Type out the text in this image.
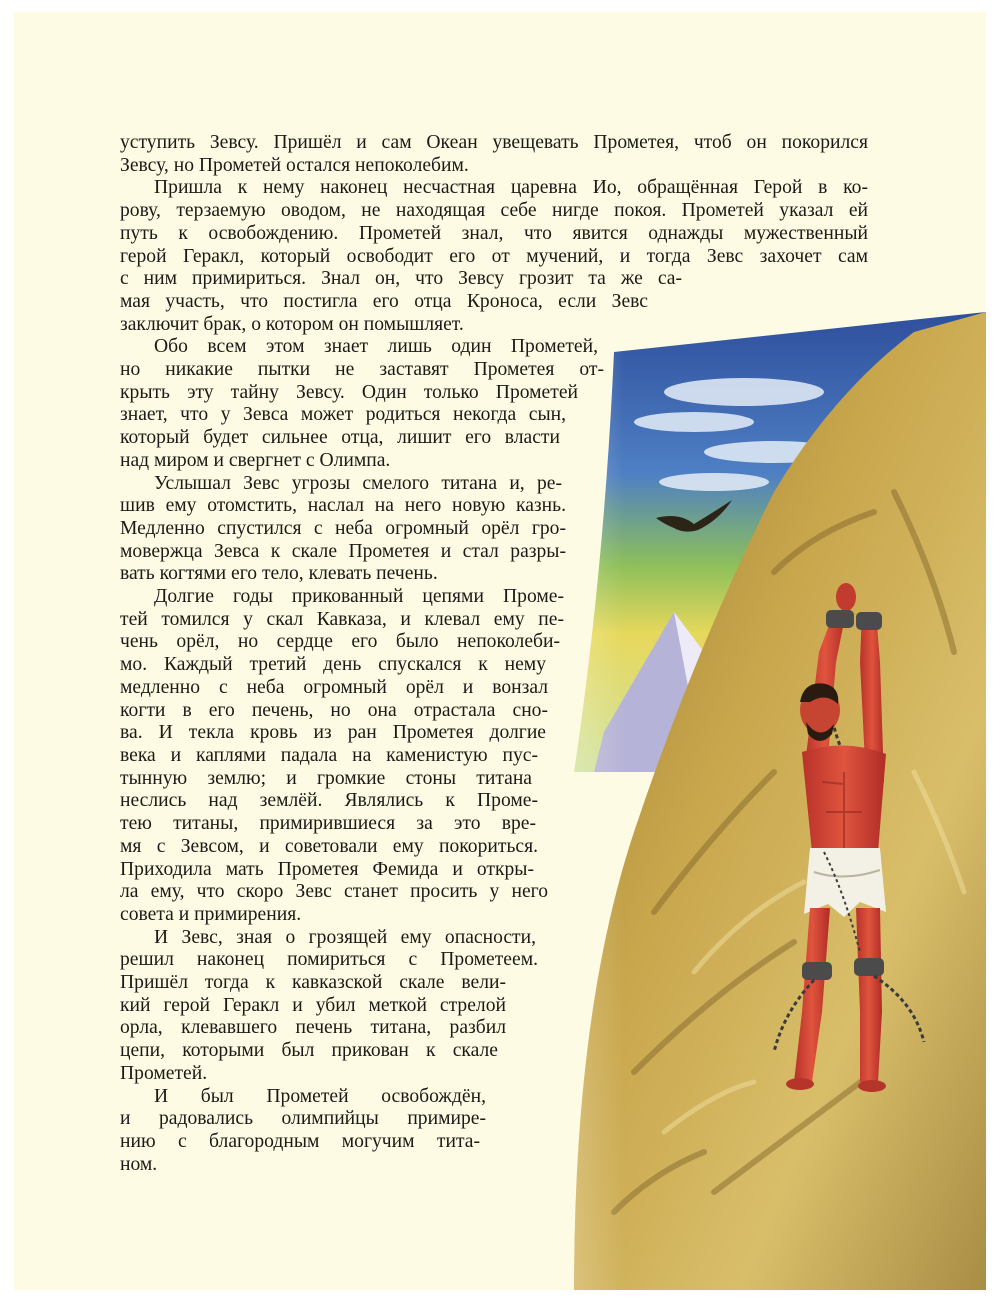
уступить Зевсу. Пришёл и сам Океан увещевать Прометея, чтоб он покорился
Зевсу, но Прометей остался непоколебим.

Пришла к нему наконец несчастная царевна Ио, обращённая Герой в ко-
рову, терзаемую оводом, не находящая себе нигде покоя. Прометей указал ей
путь к освобождению. Прометей знал, что явится однажды мужественный
герой Геракл, который освободит его от мучений, и тогда Зевс захочет сам
с ним примириться. Знал он, что Зевсу грозит та же са-
мая участь, что постигла его отца Кроноса, если Зевс
заключит брак, о котором он помышляет.

Обо всем этом знает лишь один Прометей,
но никакие пытки не заставят Прометея от-
крыть эту тайну Зевсу. Один только Прометей
знает, что у Зевса может родиться некогда сын,
который будет сильнее отца, лишит его власти
над миром и свергнет с Олимпа.

Услышал Зевс угрозы смелого титана и, ре-
шив ему отомстить, наслал на него новую казнь.
Медленно спустился с неба огромный орёл гро-
мовержца Зевса к скале Прометея и стал разры-
вать когтями его тело, клевать печень.

Долгие годы прикованный цепями Проме-
тей томился у скал Кавказа, и клевал ему пе-
чень орёл, но сердце его было непоколеби-
мо. Каждый третий день спускался к нему
медленно с неба огромный орёл и вонзал
когти в его печень, но она отрастала сно-
ва. И текла кровь из ран Прометея долгие
века и каплями падала на каменистую пус-
тынную землю; и громкие стоны титана
неслись над землёй. Являлись к Проме-
тею титаны, примирившиеся за это вре-
мя с Зевсом, и советовали ему покориться.
Приходила мать Прометея Фемида и откры-
ла ему, что скоро Зевс станет просить у него
совета и примирения.

И Зевс, зная о грозящей ему опасности,
решил наконец помириться с Прометеем.
Пришёл тогда к кавказской скале вели-
кий герой Геракл и убил меткой стрелой
орла, клевавшего печень титана, разбил
цепи, которыми был прикован к скале
Прометей.

И был Прометей освобождён,
и радовались олимпийцы примире-
нию с благородным могучим тита-
ном.
